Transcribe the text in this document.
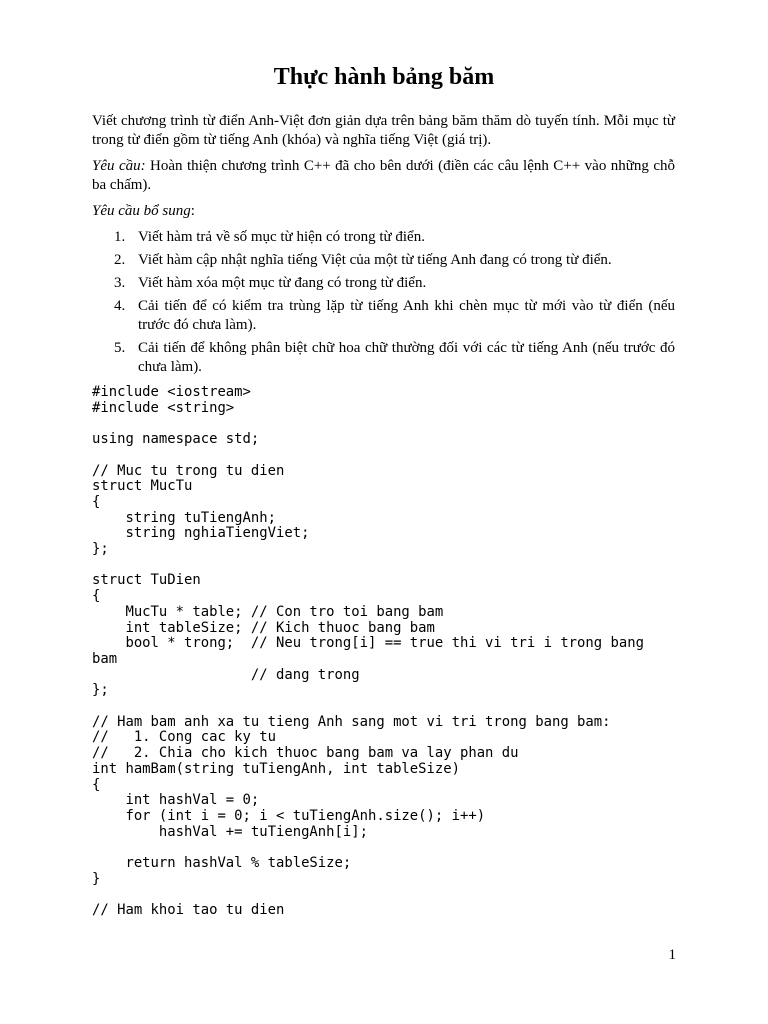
Thực hành bảng băm

Viết chương trình từ điển Anh-Việt đơn giản dựa trên bảng băm thăm dò tuyến tính. Mỗi mục từ trong từ điển gồm từ tiếng Anh (khóa) và nghĩa tiếng Việt (giá trị).

Yêu cầu: Hoàn thiện chương trình C++ đã cho bên dưới (điền các câu lệnh C++ vào những chỗ ba chấm).

Yêu cầu bổ sung:

1. Viết hàm trả về số mục từ hiện có trong từ điển.
2. Viết hàm cập nhật nghĩa tiếng Việt của một từ tiếng Anh đang có trong từ điển.
3. Viết hàm xóa một mục từ đang có trong từ điển.
4. Cải tiến để có kiểm tra trùng lặp từ tiếng Anh khi chèn mục từ mới vào từ điển (nếu trước đó chưa làm).
5. Cải tiến để không phân biệt chữ hoa chữ thường đối với các từ tiếng Anh (nếu trước đó chưa làm).
#include <iostream>
#include <string>

using namespace std;

// Muc tu trong tu dien
struct MucTu
{
string tuTiengAnh;
string nghiaTiengViet;
};

struct TuDien
{
MucTu * table; // Con tro toi bang bam
int tableSize; // Kich thuoc bang bam
bool * trong;  // Neu trong[i] == true thi vi tri i trong bang
bam
// dang trong
};

// Ham bam anh xa tu tieng Anh sang mot vi tri trong bang bam:
//   1. Cong cac ky tu
//   2. Chia cho kich thuoc bang bam va lay phan du
int hamBam(string tuTiengAnh, int tableSize)
{
int hashVal = 0;
for (int i = 0; i < tuTiengAnh.size(); i++)
hashVal += tuTiengAnh[i];

return hashVal % tableSize;
}

// Ham khoi tao tu dien
1
